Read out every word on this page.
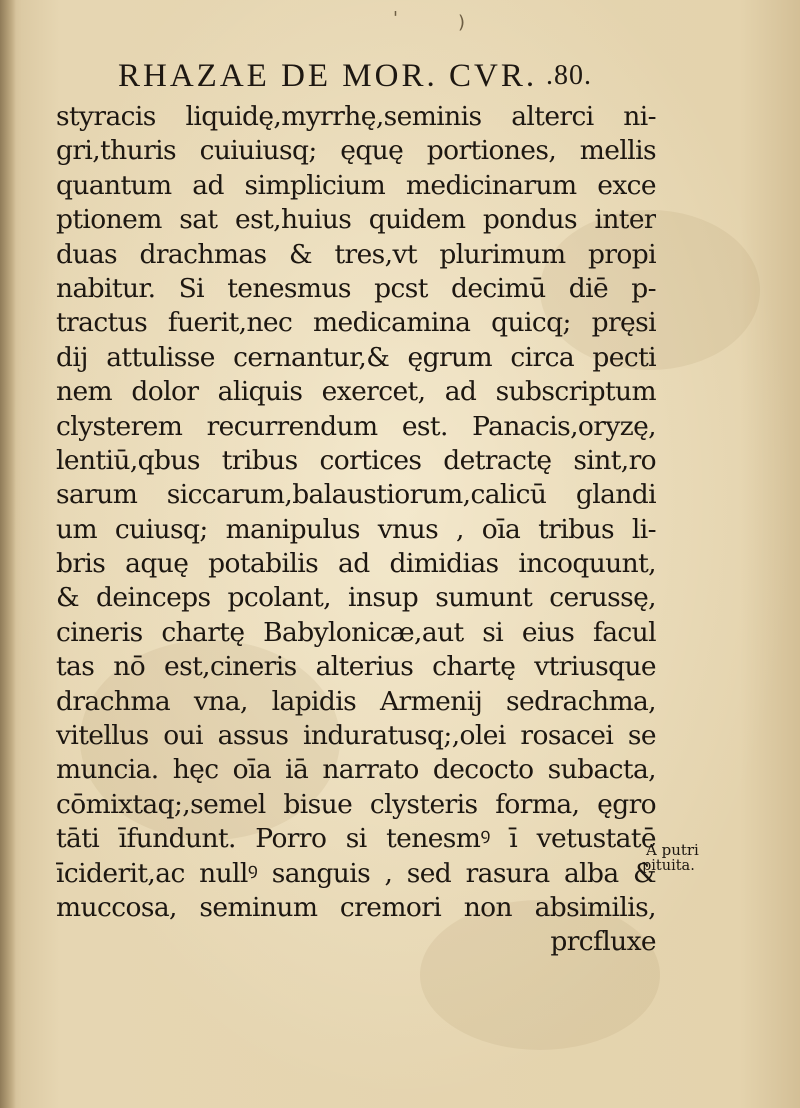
'	)
RHAZAE DE MOR. CVR. .80.
styracis liquidę,myrrhę,seminis alterci ni-
gri,thuris cuiuiusq; ęquę portiones, mellis
quantum ad simplicium medicinarum exce
ptionem sat est,huius quidem pondus inter
duas drachmas & tres,vt plurimum propi
nabitur. Si tenesmus pcst decimū diē p-
tractus fuerit,nec medicamina quicq; pręsi
dij attulisse cernantur,& ęgrum circa pecti
nem dolor aliquis exercet, ad subscriptum
clysterem recurrendum est. Panacis,oryzę,
lentiū,qbus tribus cortices detractę sint,ro
sarum siccarum,balaustiorum,calicū glandi
um cuiusq; manipulus vnus , oīa tribus li-
bris aquę potabilis ad dimidias incoquunt,
& deinceps pcolant, insup sumunt cerussę,
cineris chartę Babylonicæ,aut si eius facul
tas nō est,cineris alterius chartę vtriusque
drachma vna, lapidis Armenij sedrachma,
vitellus oui assus induratusq;,olei rosacei se
muncia. hęc oīa iā narrato decocto subacta,
cōmixtaq;,semel bisue clysteris forma, ęgro
tāti īfundunt. Porro si tenesmꝰ ī vetustatē
īciderit,ac nullꝰ sanguis , sed rasura alba &
muccosa, seminum cremori non absimilis,
prcfluxe
A putri
pituita.
